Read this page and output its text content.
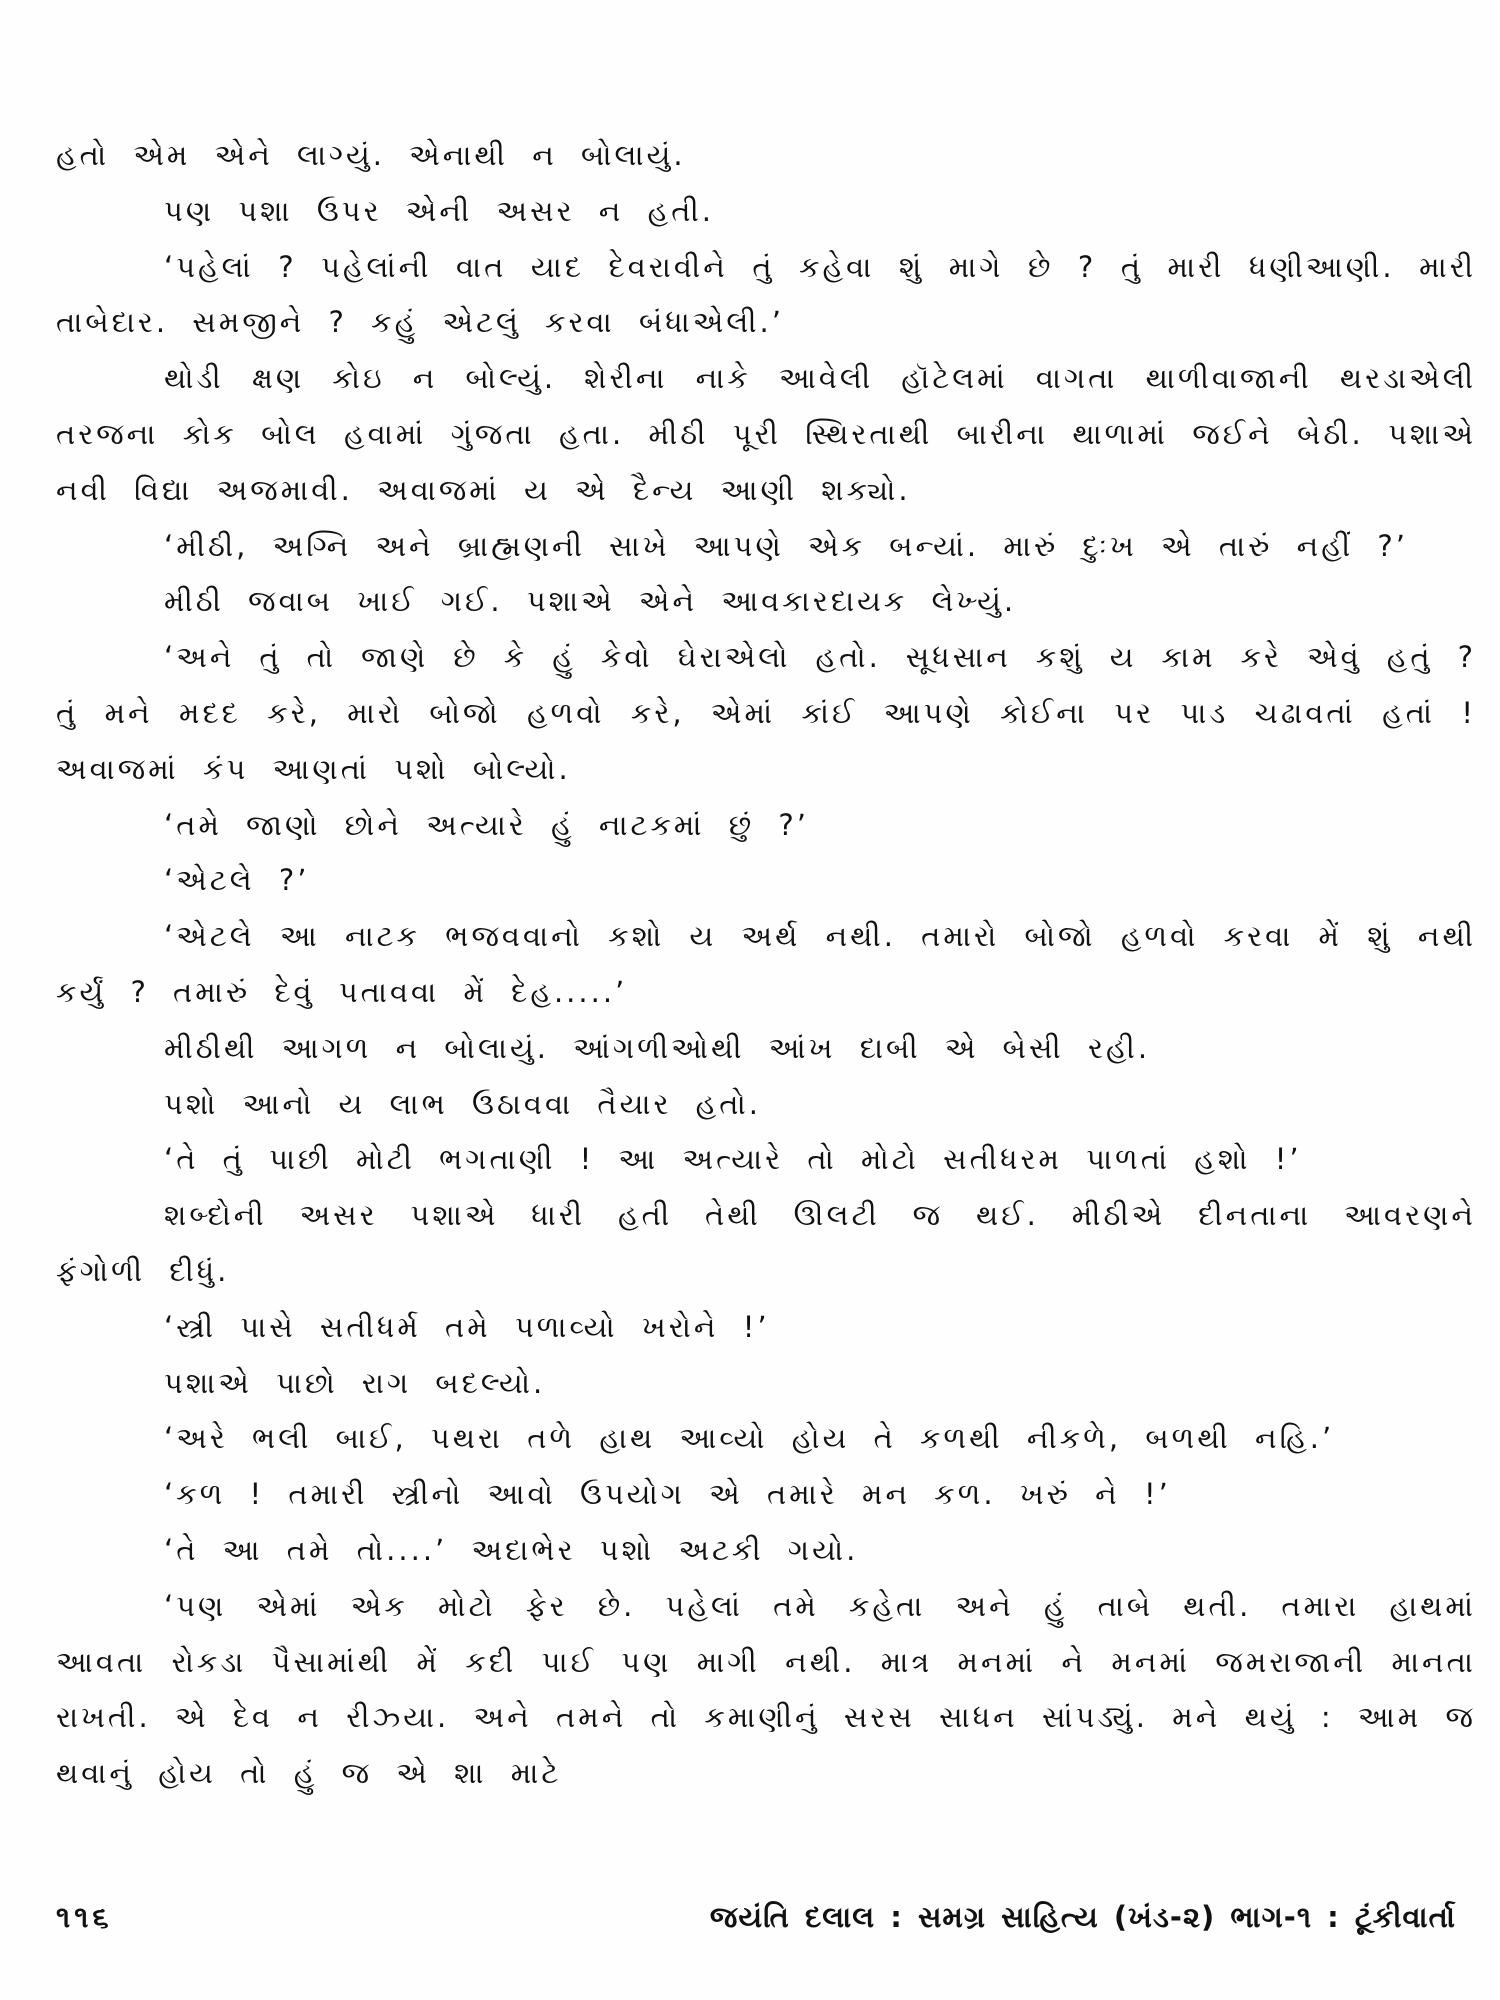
હતો એમ એને લાગ્યું. એનાથી ન બોલાયું.

પણ પશા ઉપર એની અસર ન હતી.

‘પહેલાં ? પહેલાંની વાત યાદ દેવરાવીને તું કહેવા શું માગે છે ? તું મારી ધણીઆણી. મારી તાબેદાર. સમજીને ? કહું એટલું કરવા બંધાએલી.’

થોડી ક્ષણ કોઇ ન બોલ્યું. શેરીના નાકે આવેલી હૉટેલમાં વાગતા થાળીવાજાની થરડાએલી તરજના કોક બોલ હવામાં ગુંજતા હતા. મીઠી પૂરી સ્થિરતાથી બારીના થાળામાં જઈને બેઠી. પશાએ નવી વિદ્યા અજમાવી. અવાજમાં ય એ દૈન્ય આણી શક્યો.

‘મીઠી, અગ્નિ અને બ્રાહ્મણની સાખે આપણે એક બન્યાં. મારું દુઃખ એ તારું નહીં ?’

મીઠી જવાબ ખાઈ ગઈ. પશાએ એને આવકારદાયક લેખ્યું.

‘અને તું તો જાણે છે કે હું કેવો ઘેરાએલો હતો. સૂધસાન કશું ય કામ કરે એવું હતું ? તું મને મદદ કરે, મારો બોજો હળવો કરે, એમાં કાંઈ આપણે કોઈના પર પાડ ચઢાવતાં હતાં ! અવાજમાં કંપ આણતાં પશો બોલ્યો.

‘તમે જાણો છોને અત્યારે હું નાટકમાં છું ?’

‘એટલે ?’

‘એટલે આ નાટક ભજવવાનો કશો ય અર્થ નથી. તમારો બોજો હળવો કરવા મેં શું નથી કર્યું ? તમારું દેવું પતાવવા મેં દેહ.....’

મીઠીથી આગળ ન બોલાયું. આંગળીઓથી આંખ દાબી એ બેસી રહી.

પશો આનો ય લાભ ઉઠાવવા તૈયાર હતો.

‘તે તું પાછી મોટી ભગતાણી ! આ અત્યારે તો મોટો સતીધરમ પાળતાં હશો !’

શબ્દોની અસર પશાએ ધારી હતી તેથી ઊલટી જ થઈ. મીઠીએ દીનતાના આવરણને ફંગોળી દીધું.

‘સ્ત્રી પાસે સતીધર્મ તમે પળાવ્યો ખરોને !’

પશાએ પાછો રાગ બદલ્યો.

‘અરે ભલી બાઈ, પથરા તળે હાથ આવ્યો હોય તે કળથી નીકળે, બળથી નહિ.’

‘કળ ! તમારી સ્ત્રીનો આવો ઉપયોગ એ તમારે મન કળ. ખરું ને !’

‘તે આ તમે તો....’ અદાભેર પશો અટકી ગયો.

‘પણ એમાં એક મોટો ફેર છે. પહેલાં તમે કહેતા અને હું તાબે થતી. તમારા હાથમાં આવતા રોકડા પૈસામાંથી મેં કદી પાઈ પણ માગી નથી. માત્ર મનમાં ને મનમાં જમરાજાની માનતા રાખતી. એ દેવ ન રીઝ્યા. અને તમને તો કમાણીનું સરસ સાધન સાંપડ્યું. મને થયું : આમ જ થવાનું હોય તો હું જ એ શા માટે

૧૧૬	જયંતિ દલાલ : સમગ્ર સાહિત્ય (ખંડ-૨) ભાગ-૧ : ટૂંકીવાર્તા
